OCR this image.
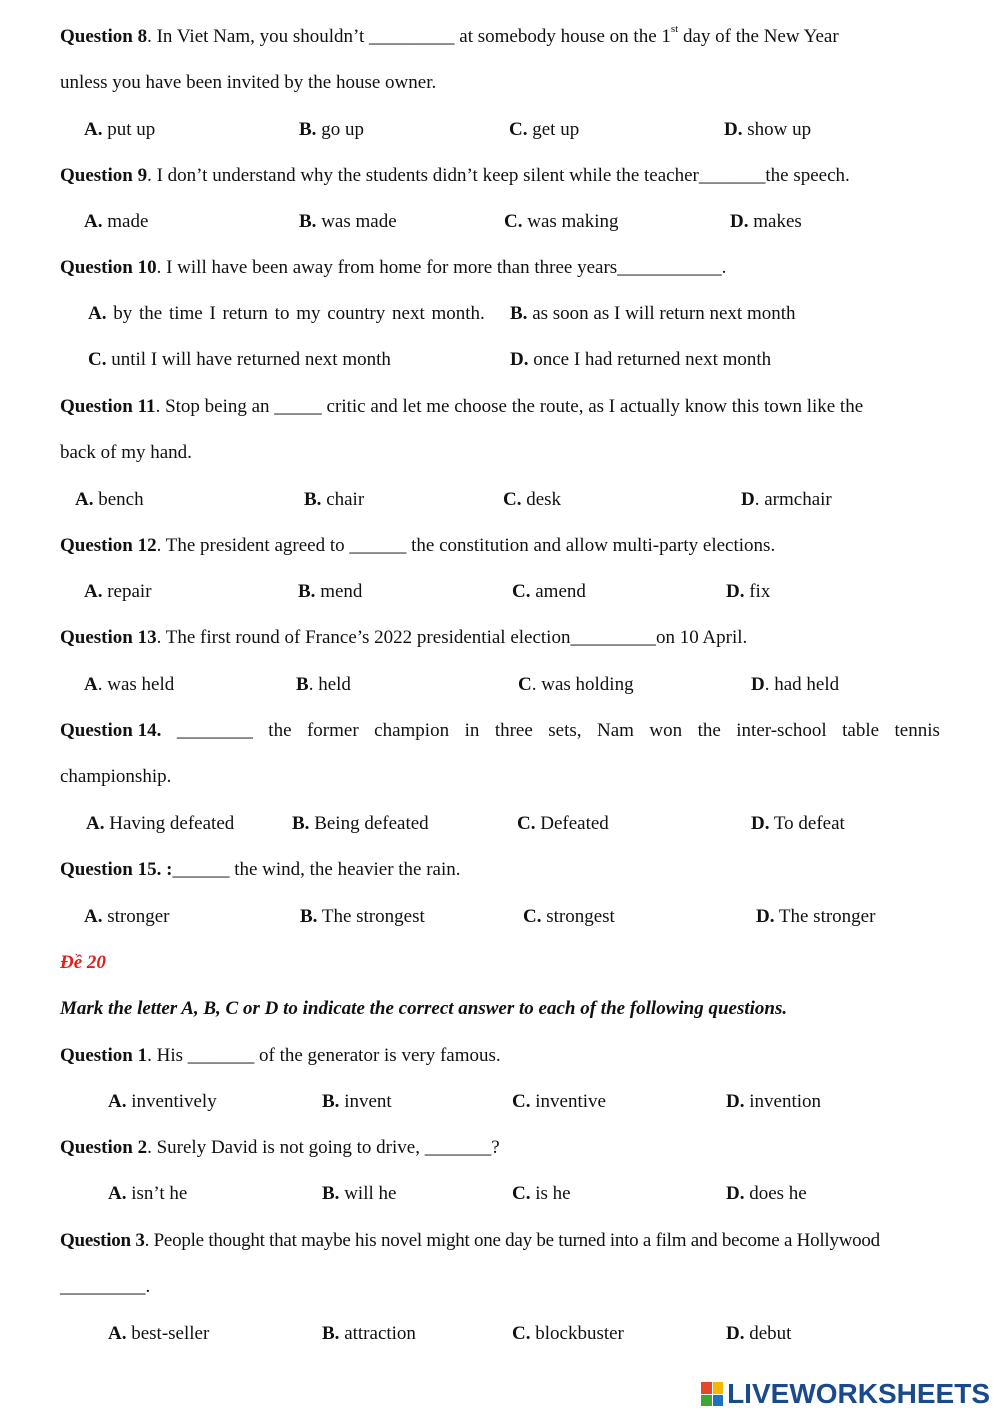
Question 8. In Viet Nam, you shouldn’t _________ at somebody house on the 1st day of the New Year
unless you have been invited by the house owner.
A. put up	B. go up	C. get up	D. show up
Question 9. I don’t understand why the students didn’t keep silent while the teacher_______the speech.
A. made	B. was made	C. was making	D. makes
Question 10. I will have been away from home for more than three years___________.
A. by the time I return to my country next month. B. as soon as I will return next month
C. until I will have returned next month	D. once I had returned next month
Question 11. Stop being an _____ critic and let me choose the route, as I actually know this town like the
back of my hand.
A. bench	B. chair	C. desk	D. armchair
Question 12. The president agreed to ______ the constitution and allow multi-party elections.
A. repair	B. mend	C. amend	D. fix
Question 13. The first round of France’s 2022 presidential election_________on 10 April.
A. was held	B. held	C. was holding	D. had held
Question 14. ________ the former champion in three sets, Nam won the inter-school table tennis
championship.
A. Having defeated	B. Being defeated	C. Defeated	D. To defeat
Question 15. :______ the wind, the heavier the rain.
A. stronger	B. The strongest	C. strongest	D. The stronger
Đề 20
Mark the letter A, B, C or D to indicate the correct answer to each of the following questions.
Question 1. His _______ of the generator is very famous.
A. inventively	B. invent	C. inventive	D. invention
Question 2. Surely David is not going to drive, _______?
A. isn’t he	B. will he	C. is he	D. does he
Question 3. People thought that maybe his novel might one day be turned into a film and become a Hollywood
_________.
A. best-seller	B. attraction	C. blockbuster	D. debut
LIVEWORKSHEETS
